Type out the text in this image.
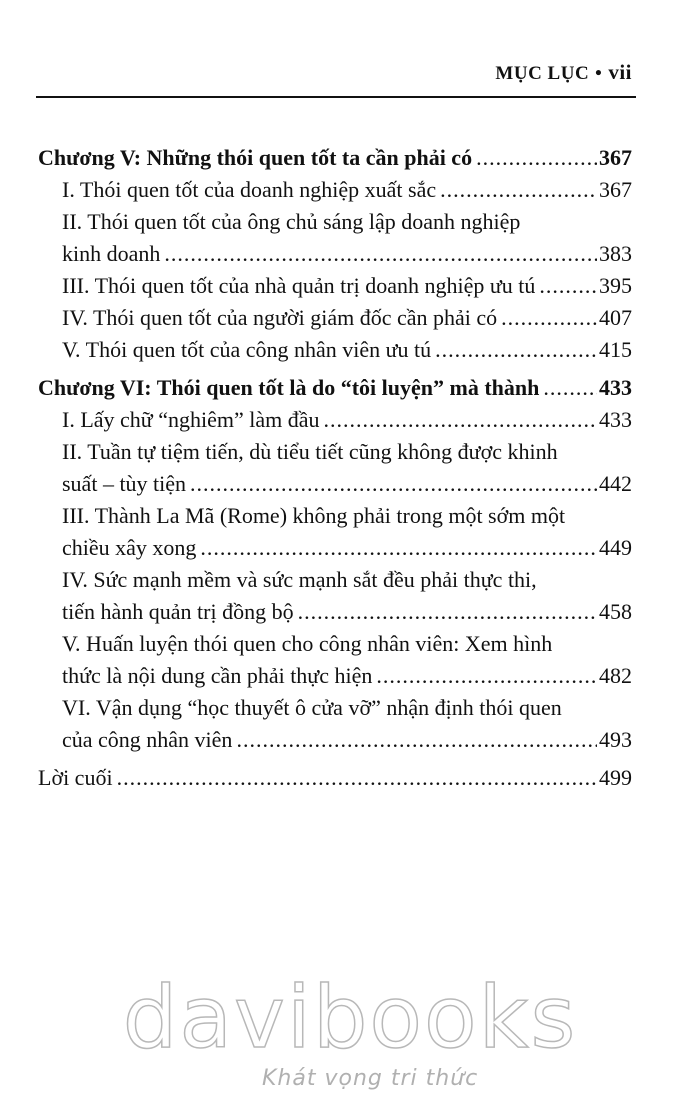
MỤC LỤC • vii
Chương V: Những thói quen tốt ta cần phải có .....	367
I. Thói quen tốt của doanh nghiệp xuất sắc .....	367
II. Thói quen tốt của ông chủ sáng lập doanh nghiệp
kinh doanh .....	383
III. Thói quen tốt của nhà quản trị doanh nghiệp ưu tú .....	395
IV. Thói quen tốt của người giám đốc cần phải có .....	407
V. Thói quen tốt của công nhân viên ưu tú .....	415
Chương VI: Thói quen tốt là do “tôi luyện” mà thành .....	433
I. Lấy chữ “nghiêm” làm đầu .....	433
II. Tuần tự tiệm tiến, dù tiểu tiết cũng không được khinh
suất – tùy tiện .....	442
III. Thành La Mã (Rome) không phải trong một sớm một
chiều xây xong .....	449
IV. Sức mạnh mềm và sức mạnh sắt đều phải thực thi,
tiến hành quản trị đồng bộ .....	458
V. Huấn luyện thói quen cho công nhân viên: Xem hình
thức là nội dung cần phải thực hiện .....	482
VI. Vận dụng “học thuyết ô cửa vỡ” nhận định thói quen
của công nhân viên .....	493
Lời cuối .....	499
davibooks
Khát vọng tri thức
